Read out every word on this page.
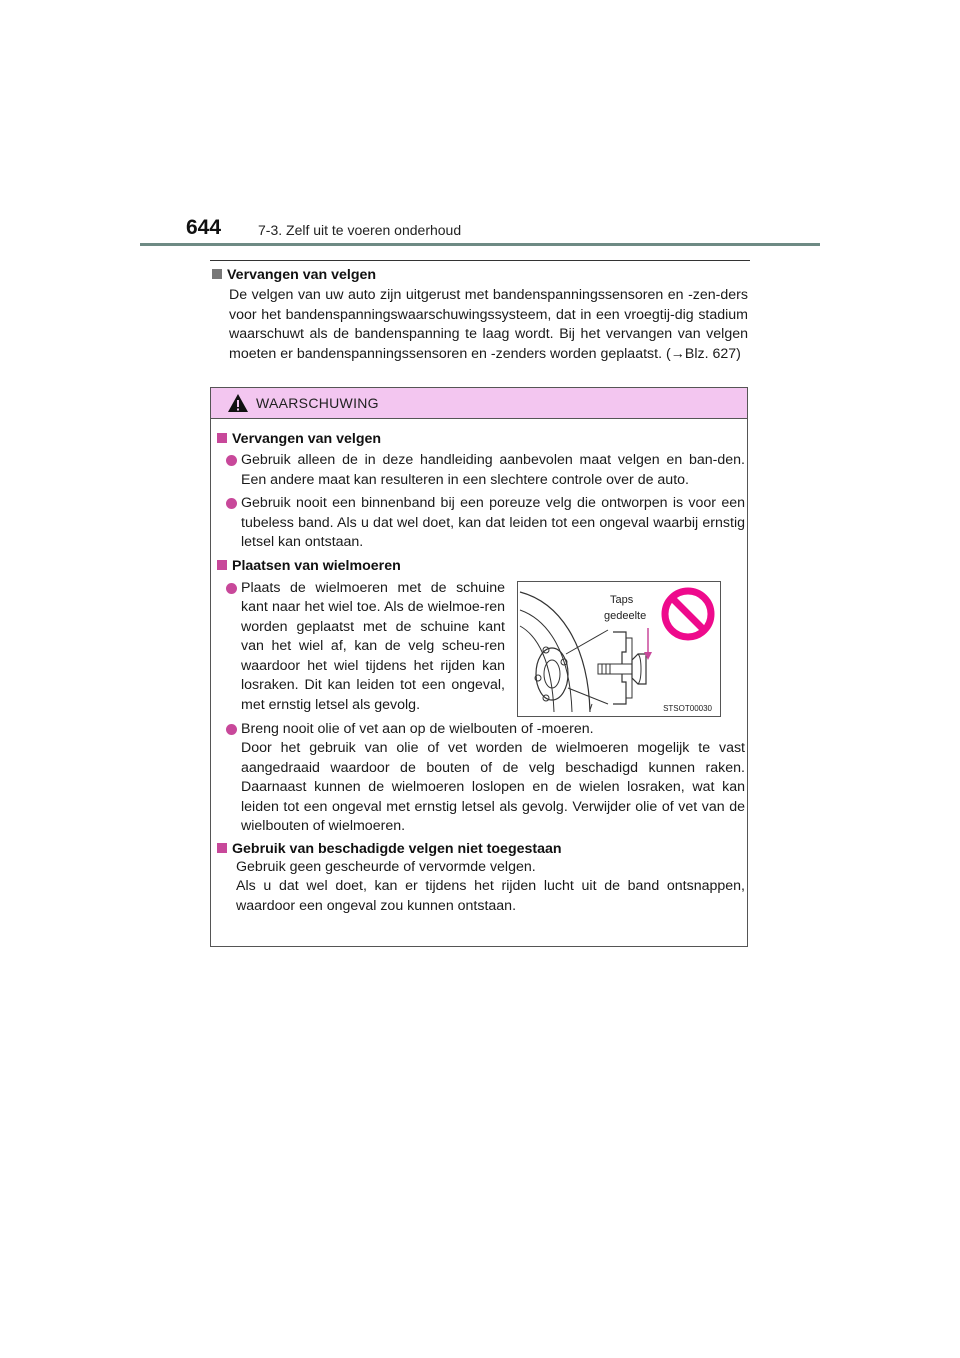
644	7-3. Zelf uit te voeren onderhoud
Vervangen van velgen

De velgen van uw auto zijn uitgerust met bandenspanningssensoren en -zen-ders voor het bandenspanningswaarschuwingssysteem, dat in een vroegtij-dig stadium waarschuwt als de bandenspanning te laag wordt. Bij het vervangen van velgen moeten er bandenspanningssensoren en -zenders worden geplaatst. (→Blz. 627)

WAARSCHUWING
Vervangen van velgen

Gebruik alleen de in deze handleiding aanbevolen maat velgen en ban-den. Een andere maat kan resulteren in een slechtere controle over de auto.

Gebruik nooit een binnenband bij een poreuze velg die ontworpen is voor een tubeless band. Als u dat wel doet, kan dat leiden tot een ongeval waarbij ernstig letsel kan ontstaan.

Plaatsen van wielmoeren

Plaats de wielmoeren met de schuine kant naar het wiel toe. Als de wielmoe-ren worden geplaatst met de schuine kant van het wiel af, kan de velg scheu-ren waardoor het wiel tijdens het rijden kan losraken. Dit kan leiden tot een ongeval, met ernstig letsel als gevolg.

Taps
gedeelte
STSOT00030

Breng nooit olie of vet aan op de wielbouten of -moeren.

Door het gebruik van olie of vet worden de wielmoeren mogelijk te vast aangedraaid waardoor de bouten of de velg beschadigd kunnen raken. Daarnaast kunnen de wielmoeren loslopen en de wielen losraken, wat kan leiden tot een ongeval met ernstig letsel als gevolg. Verwijder olie of vet van de wielbouten of wielmoeren.

Gebruik van beschadigde velgen niet toegestaan

Gebruik geen gescheurde of vervormde velgen.

Als u dat wel doet, kan er tijdens het rijden lucht uit de band ontsnappen, waardoor een ongeval zou kunnen ontstaan.
